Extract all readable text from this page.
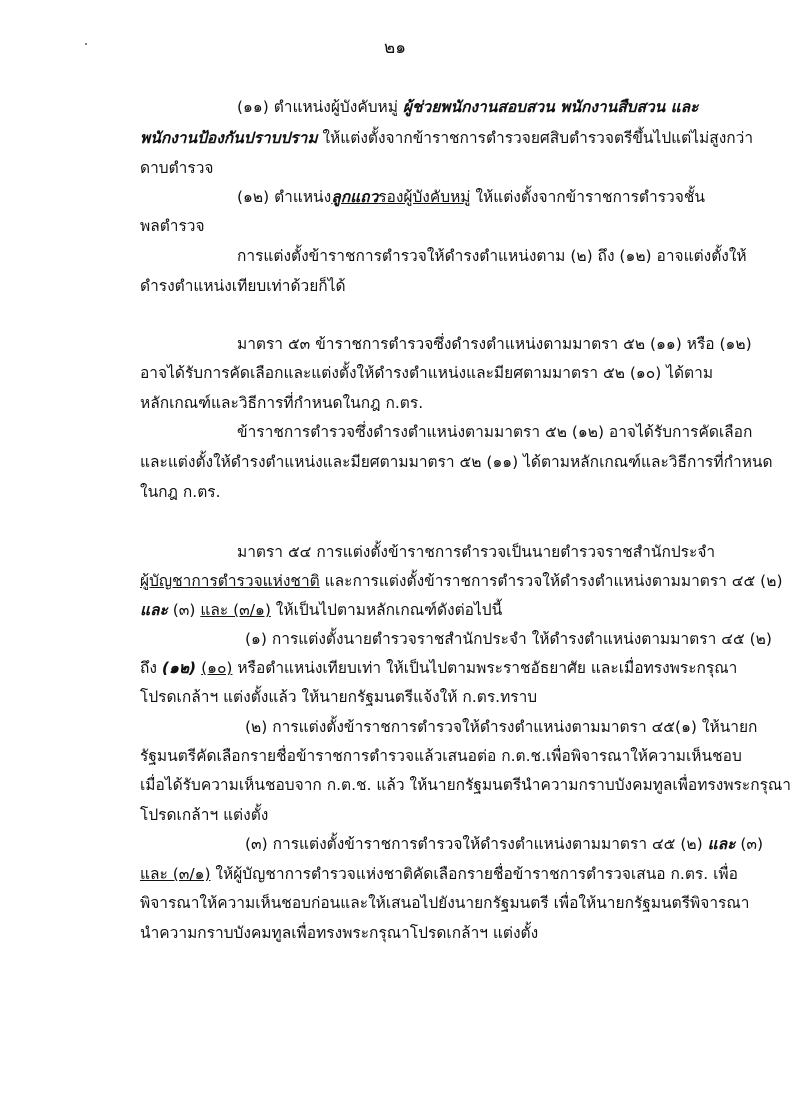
๒๑
(๑๑) ตำแหน่งผู้บังคับหมู่ ผู้ช่วยพนักงานสอบสวน พนักงานสืบสวน และ
พนักงานป้องกันปราบปราม ให้แต่งตั้งจากข้าราชการตำรวจยศสิบตำรวจตรีขึ้นไปแต่ไม่สูงกว่า
ดาบตำรวจ
(๑๒) ตำแหน่งลูกแถวรองผู้บังคับหมู่ ให้แต่งตั้งจากข้าราชการตำรวจชั้น
พลตำรวจ
การแต่งตั้งข้าราชการตำรวจให้ดำรงตำแหน่งตาม (๒) ถึง (๑๒) อาจแต่งตั้งให้
ดำรงตำแหน่งเทียบเท่าด้วยก็ได้
มาตรา ๕๓ ข้าราชการตำรวจซึ่งดำรงตำแหน่งตามมาตรา ๕๒ (๑๑) หรือ (๑๒)
อาจได้รับการคัดเลือกและแต่งตั้งให้ดำรงตำแหน่งและมียศตามมาตรา ๕๒ (๑๐) ได้ตาม
หลักเกณฑ์และวิธีการที่กำหนดในกฎ ก.ตร.
ข้าราชการตำรวจซึ่งดำรงตำแหน่งตามมาตรา ๕๒ (๑๒) อาจได้รับการคัดเลือก
และแต่งตั้งให้ดำรงตำแหน่งและมียศตามมาตรา ๕๒ (๑๑) ได้ตามหลักเกณฑ์และวิธีการที่กำหนด
ในกฎ ก.ตร.
มาตรา ๕๔ การแต่งตั้งข้าราชการตำรวจเป็นนายตำรวจราชสำนักประจำ
ผู้บัญชาการตำรวจแห่งชาติ และการแต่งตั้งข้าราชการตำรวจให้ดำรงตำแหน่งตามมาตรา ๔๕ (๒)
และ (๓) และ (๓/๑) ให้เป็นไปตามหลักเกณฑ์ดังต่อไปนี้
(๑) การแต่งตั้งนายตำรวจราชสำนักประจำ ให้ดำรงตำแหน่งตามมาตรา ๔๕ (๒)
ถึง (๑๒) (๑๐) หรือตำแหน่งเทียบเท่า ให้เป็นไปตามพระราชอัธยาศัย และเมื่อทรงพระกรุณา
โปรดเกล้าฯ แต่งตั้งแล้ว ให้นายกรัฐมนตรีแจ้งให้ ก.ตร.ทราบ
(๒) การแต่งตั้งข้าราชการตำรวจให้ดำรงตำแหน่งตามมาตรา ๔๕(๑) ให้นายก
รัฐมนตรีคัดเลือกรายชื่อข้าราชการตำรวจแล้วเสนอต่อ ก.ต.ช.เพื่อพิจารณาให้ความเห็นชอบ
เมื่อได้รับความเห็นชอบจาก ก.ต.ช. แล้ว ให้นายกรัฐมนตรีนำความกราบบังคมทูลเพื่อทรงพระกรุณา
โปรดเกล้าฯ แต่งตั้ง
(๓) การแต่งตั้งข้าราชการตำรวจให้ดำรงตำแหน่งตามมาตรา ๔๕ (๒) และ (๓)
และ (๓/๑) ให้ผู้บัญชาการตำรวจแห่งชาติคัดเลือกรายชื่อข้าราชการตำรวจเสนอ ก.ตร. เพื่อ
พิจารณาให้ความเห็นชอบก่อนและให้เสนอไปยังนายกรัฐมนตรี เพื่อให้นายกรัฐมนตรีพิจารณา
นำความกราบบังคมทูลเพื่อทรงพระกรุณาโปรดเกล้าฯ แต่งตั้ง
